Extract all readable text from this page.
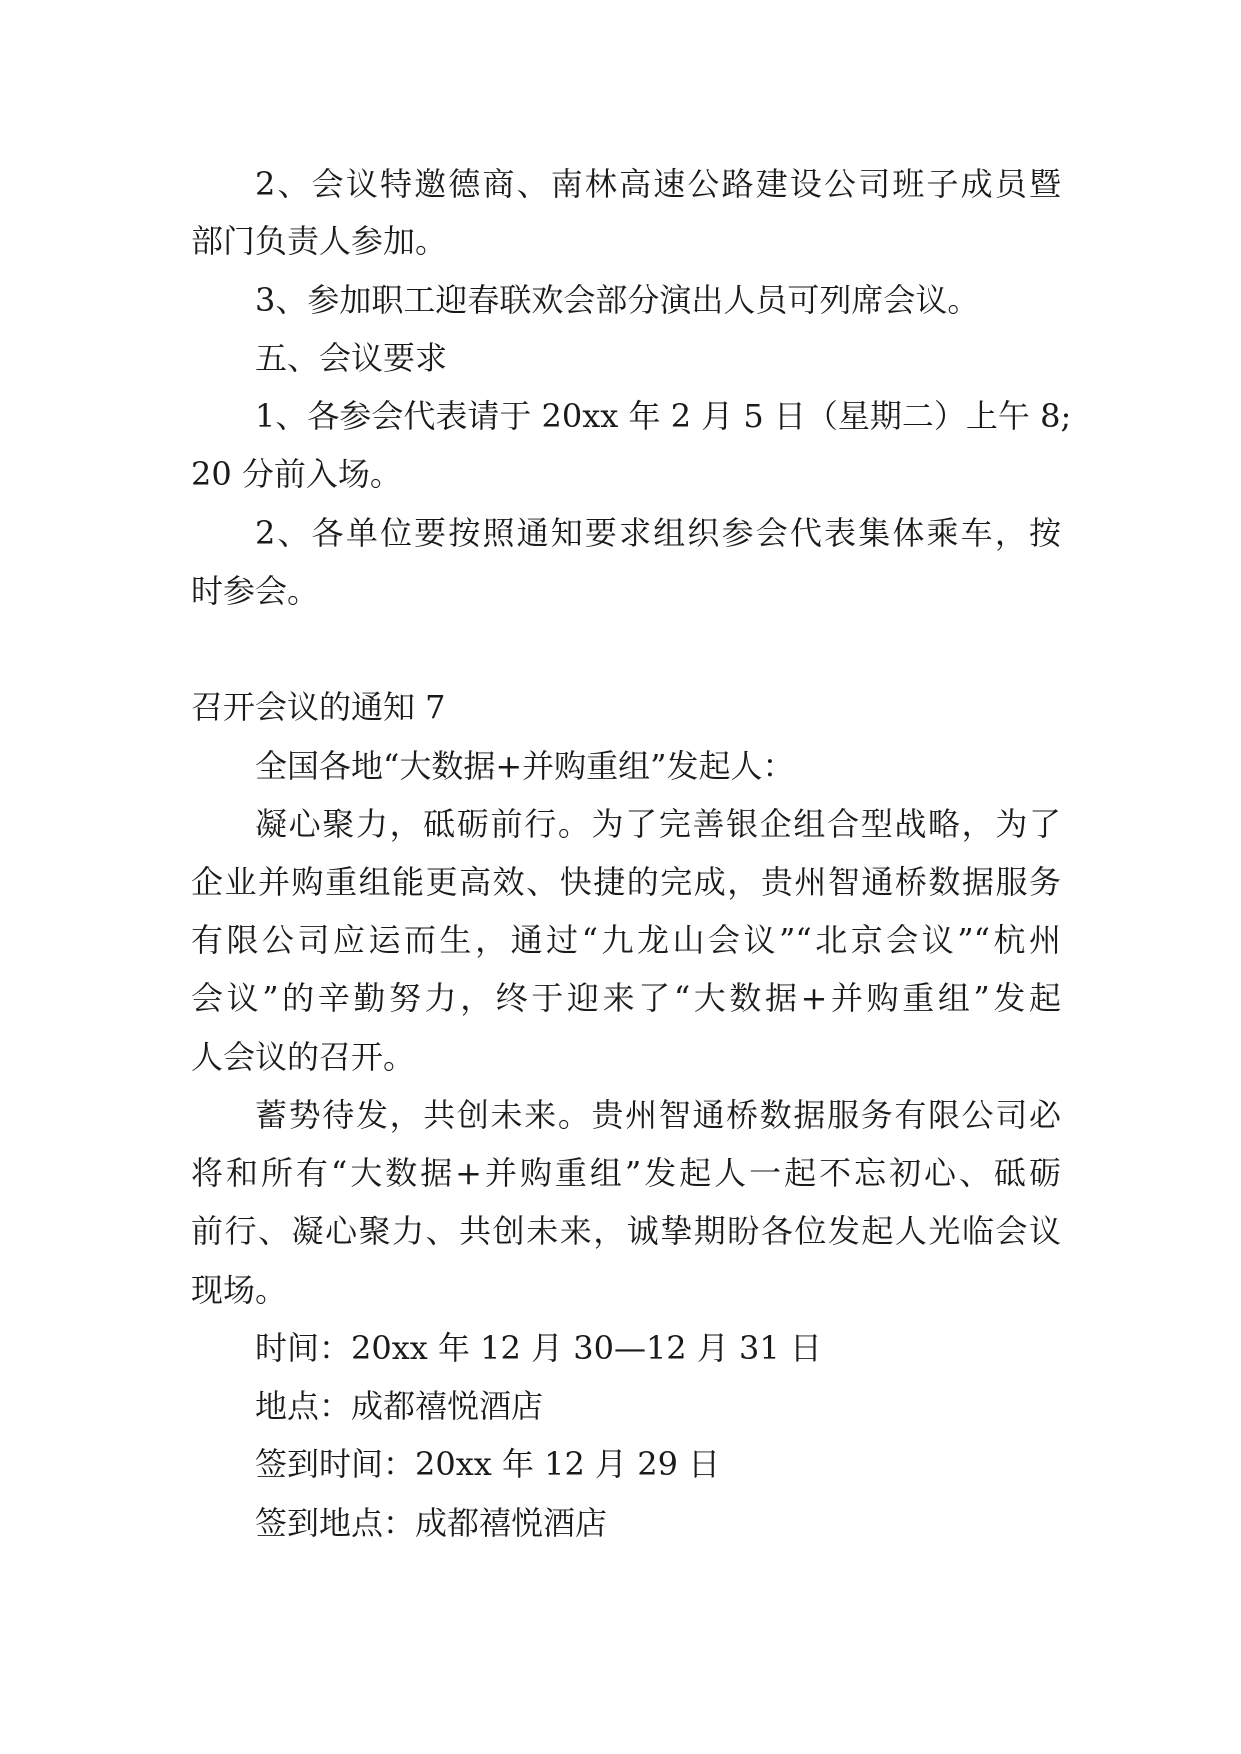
2、会议特邀德商、南林高速公路建设公司班子成员暨
部门负责人参加。
3、参加职工迎春联欢会部分演出人员可列席会议。
五、会议要求
1、各参会代表请于 20xx 年 2 月 5 日（星期二）上午 8;
20 分前入场。
2、各单位要按照通知要求组织参会代表集体乘车，按
时参会。
召开会议的通知 7
全国各地“大数据+并购重组”发起人：
凝心聚力，砥砺前行。为了完善银企组合型战略，为了
企业并购重组能更高效、快捷的完成，贵州智通桥数据服务
有限公司应运而生，通过“九龙山会议”“北京会议”“杭州
会议”的辛勤努力，终于迎来了“大数据+并购重组”发起
人会议的召开。
蓄势待发，共创未来。贵州智通桥数据服务有限公司必
将和所有“大数据+并购重组”发起人一起不忘初心、砥砺
前行、凝心聚力、共创未来，诚挚期盼各位发起人光临会议
现场。
时间：20xx 年 12 月 30—12 月 31 日
地点：成都禧悦酒店
签到时间：20xx 年 12 月 29 日
签到地点：成都禧悦酒店
